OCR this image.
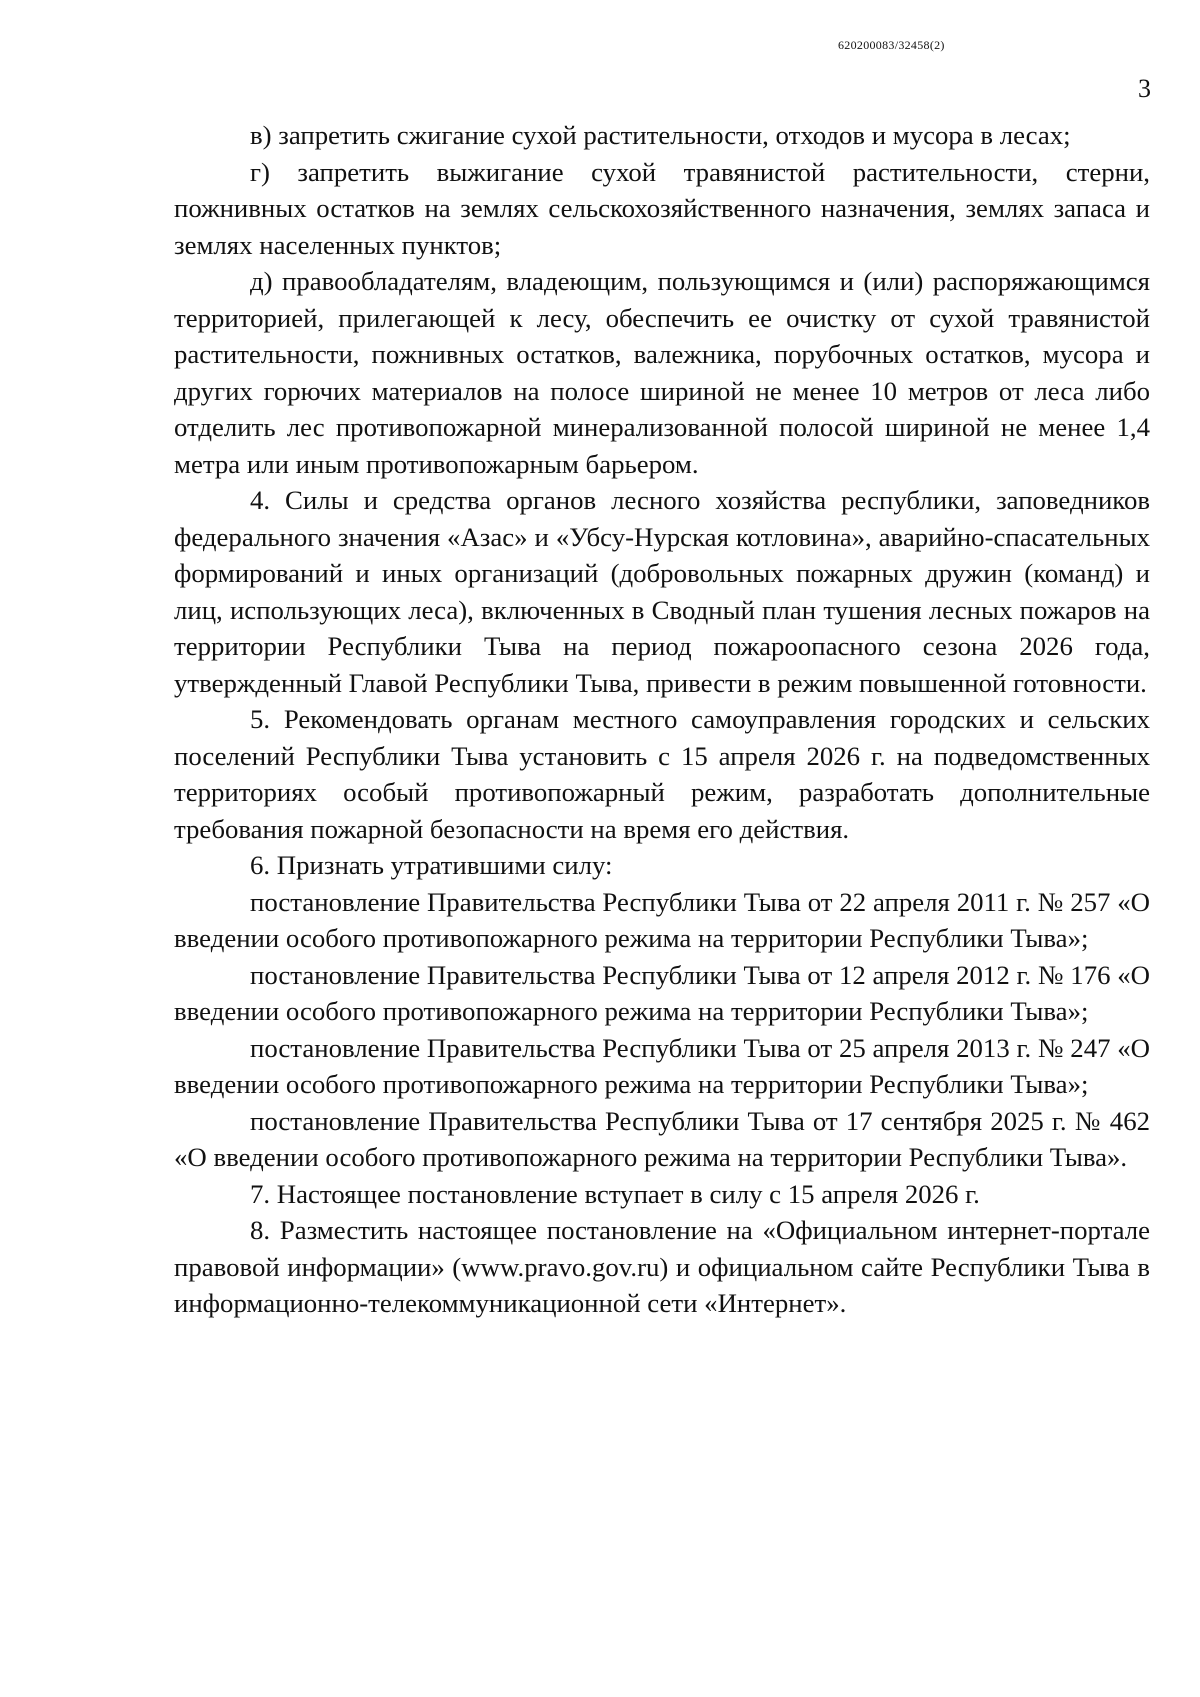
620200083/32458(2)
3

в) запретить сжигание сухой растительности, отходов и мусора в лесах;

г) запретить выжигание сухой травянистой растительности, стерни, пожнивных остатков на землях сельскохозяйственного назначения, землях запаса и землях населенных пунктов;

д) правообладателям, владеющим, пользующимся и (или) распоряжающимся территорией, прилегающей к лесу, обеспечить ее очистку от сухой травянистой растительности, пожнивных остатков, валежника, порубочных остатков, мусора и других горючих материалов на полосе шириной не менее 10 метров от леса либо отделить лес противопожарной минерализованной полосой шириной не менее 1,4 метра или иным противопожарным барьером.

4. Силы и средства органов лесного хозяйства республики, заповедников федерального значения «Азас» и «Убсу-Нурская котловина», аварийно-спасательных формирований и иных организаций (добровольных пожарных дружин (команд) и лиц, использующих леса), включенных в Сводный план тушения лесных пожаров на территории Республики Тыва на период пожароопасного сезона 2026 года, утвержденный Главой Республики Тыва, привести в режим повышенной готовности.

5. Рекомендовать органам местного самоуправления городских и сельских поселений Республики Тыва установить с 15 апреля 2026 г. на подведомственных территориях особый противопожарный режим, разработать дополнительные требования пожарной безопасности на время его действия.

6. Признать утратившими силу:

постановление Правительства Республики Тыва от 22 апреля 2011 г. № 257 «О введении особого противопожарного режима на территории Республики Тыва»;

постановление Правительства Республики Тыва от 12 апреля 2012 г. № 176 «О введении особого противопожарного режима на территории Республики Тыва»;

постановление Правительства Республики Тыва от 25 апреля 2013 г. № 247 «О введении особого противопожарного режима на территории Республики Тыва»;

постановление Правительства Республики Тыва от 17 сентября 2025 г. № 462 «О введении особого противопожарного режима на территории Республики Тыва».

7. Настоящее постановление вступает в силу с 15 апреля 2026 г.

8. Разместить настоящее постановление на «Официальном интернет-портале правовой информации» (www.pravo.gov.ru) и официальном сайте Республики Тыва в информационно-телекоммуникационной сети «Интернет».
